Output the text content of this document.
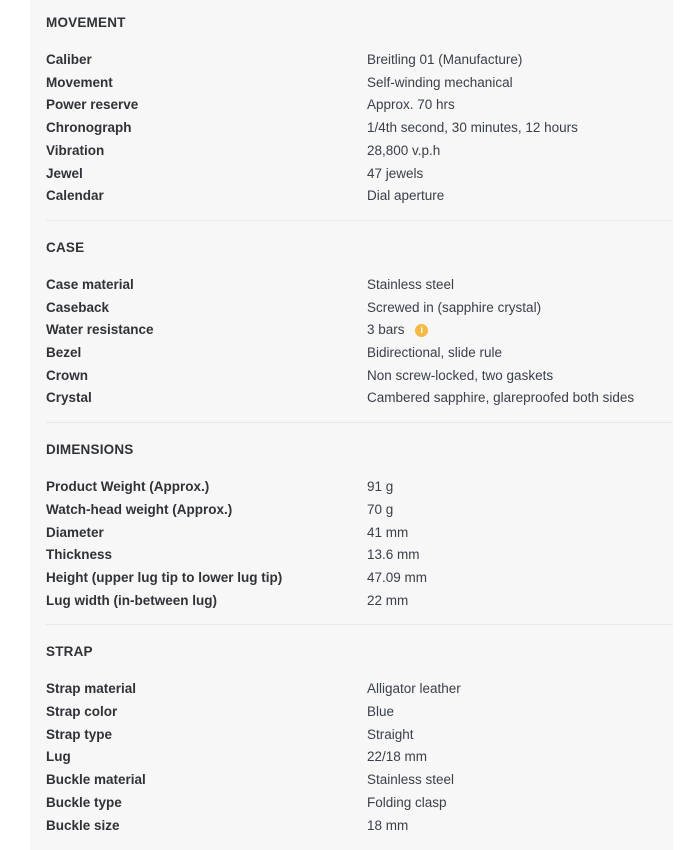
MOVEMENT
Caliber	Breitling 01 (Manufacture)
Movement	Self-winding mechanical
Power reserve	Approx. 70 hrs
Chronograph	1/4th second, 30 minutes, 12 hours
Vibration	28,800 v.p.h
Jewel	47 jewels
Calendar	Dial aperture
CASE
Case material	Stainless steel
Caseback	Screwed in (sapphire crystal)
Water resistance	3 bars i
Bezel	Bidirectional, slide rule
Crown	Non screw-locked, two gaskets
Crystal	Cambered sapphire, glareproofed both sides
DIMENSIONS
Product Weight (Approx.)	91 g
Watch-head weight (Approx.)	70 g
Diameter	41 mm
Thickness	13.6 mm
Height (upper lug tip to lower lug tip)	47.09 mm
Lug width (in-between lug)	22 mm
STRAP
Strap material	Alligator leather
Strap color	Blue
Strap type	Straight
Lug	22/18 mm
Buckle material	Stainless steel
Buckle type	Folding clasp
Buckle size	18 mm
